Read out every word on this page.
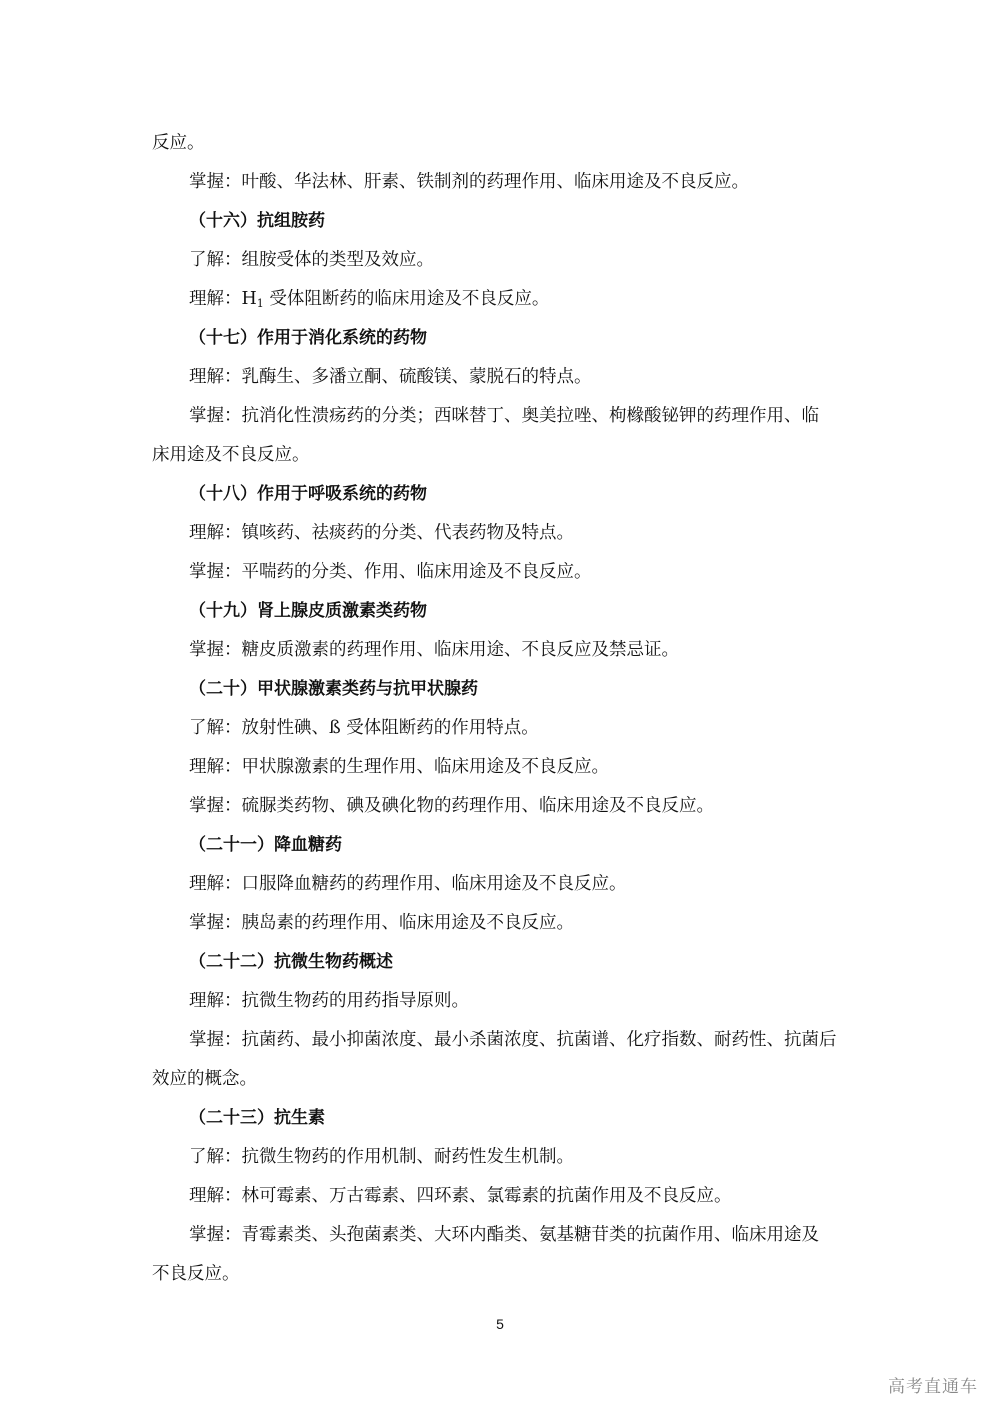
反应。
掌握：叶酸、华法林、肝素、铁制剂的药理作用、临床用途及不良反应。
（十六）抗组胺药
了解：组胺受体的类型及效应。
理解：$H_1$ 受体阻断药的临床用途及不良反应。
（十七）作用于消化系统的药物
理解：乳酶生、多潘立酮、硫酸镁、蒙脱石的特点。
掌握：抗消化性溃疡药的分类；西咪替丁、奥美拉唑、枸橼酸铋钾的药理作用、临
床用途及不良反应。
（十八）作用于呼吸系统的药物
理解：镇咳药、祛痰药的分类、代表药物及特点。
掌握：平喘药的分类、作用、临床用途及不良反应。
（十九）肾上腺皮质激素类药物
掌握：糖皮质激素的药理作用、临床用途、不良反应及禁忌证。
（二十）甲状腺激素类药与抗甲状腺药
了解：放射性碘、ß 受体阻断药的作用特点。
理解：甲状腺激素的生理作用、临床用途及不良反应。
掌握：硫脲类药物、碘及碘化物的药理作用、临床用途及不良反应。
（二十一）降血糖药
理解：口服降血糖药的药理作用、临床用途及不良反应。
掌握：胰岛素的药理作用、临床用途及不良反应。
（二十二）抗微生物药概述
理解：抗微生物药的用药指导原则。
掌握：抗菌药、最小抑菌浓度、最小杀菌浓度、抗菌谱、化疗指数、耐药性、抗菌后
效应的概念。
（二十三）抗生素
了解：抗微生物药的作用机制、耐药性发生机制。
理解：林可霉素、万古霉素、四环素、氯霉素的抗菌作用及不良反应。
掌握：青霉素类、头孢菌素类、大环内酯类、氨基糖苷类的抗菌作用、临床用途及
不良反应。
5
高考直通车
